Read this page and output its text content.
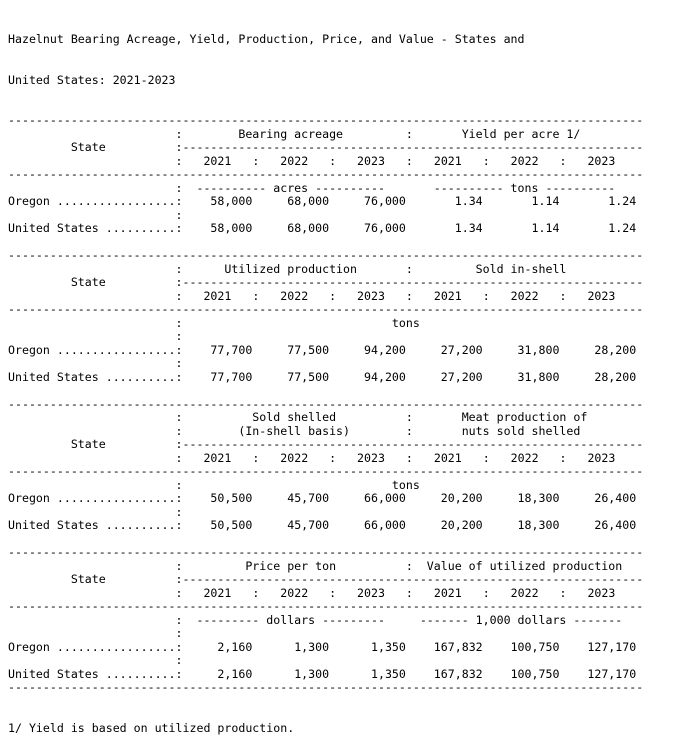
Hazelnut Bearing Acreage, Yield, Production, Price, and Value - States and

United States: 2021-2023

-------------------------------------------------------------------------------------------
:        Bearing acreage         :       Yield per acre 1/
State          :------------------------------------------------------------------
:   2021   :   2022   :   2023   :   2021   :   2022   :   2023
-------------------------------------------------------------------------------------------
:  ---------- acres ----------       ---------- tons ----------
Oregon .................:    58,000     68,000     76,000       1.34       1.14       1.24
:
United States ..........:    58,000     68,000     76,000       1.34       1.14       1.24

-------------------------------------------------------------------------------------------
:      Utilized production       :         Sold in-shell
State          :------------------------------------------------------------------
:   2021   :   2022   :   2023   :   2021   :   2022   :   2023
-------------------------------------------------------------------------------------------
:                              tons
:
Oregon .................:    77,700     77,500     94,200     27,200     31,800     28,200
:
United States ..........:    77,700     77,500     94,200     27,200     31,800     28,200

-------------------------------------------------------------------------------------------
:          Sold shelled          :       Meat production of
:        (In-shell basis)        :       nuts sold shelled
State          :------------------------------------------------------------------
:   2021   :   2022   :   2023   :   2021   :   2022   :   2023
-------------------------------------------------------------------------------------------
:                              tons
Oregon .................:    50,500     45,700     66,000     20,200     18,300     26,400
:
United States ..........:    50,500     45,700     66,000     20,200     18,300     26,400

-------------------------------------------------------------------------------------------
:         Price per ton          :  Value of utilized production
State          :------------------------------------------------------------------
:   2021   :   2022   :   2023   :   2021   :   2022   :   2023
-------------------------------------------------------------------------------------------
:  --------- dollars ---------     ------- 1,000 dollars -------
:
Oregon .................:     2,160      1,300      1,350    167,832    100,750    127,170
:
United States ..........:     2,160      1,300      1,350    167,832    100,750    127,170
-------------------------------------------------------------------------------------------

1/ Yield is based on utilized production.
